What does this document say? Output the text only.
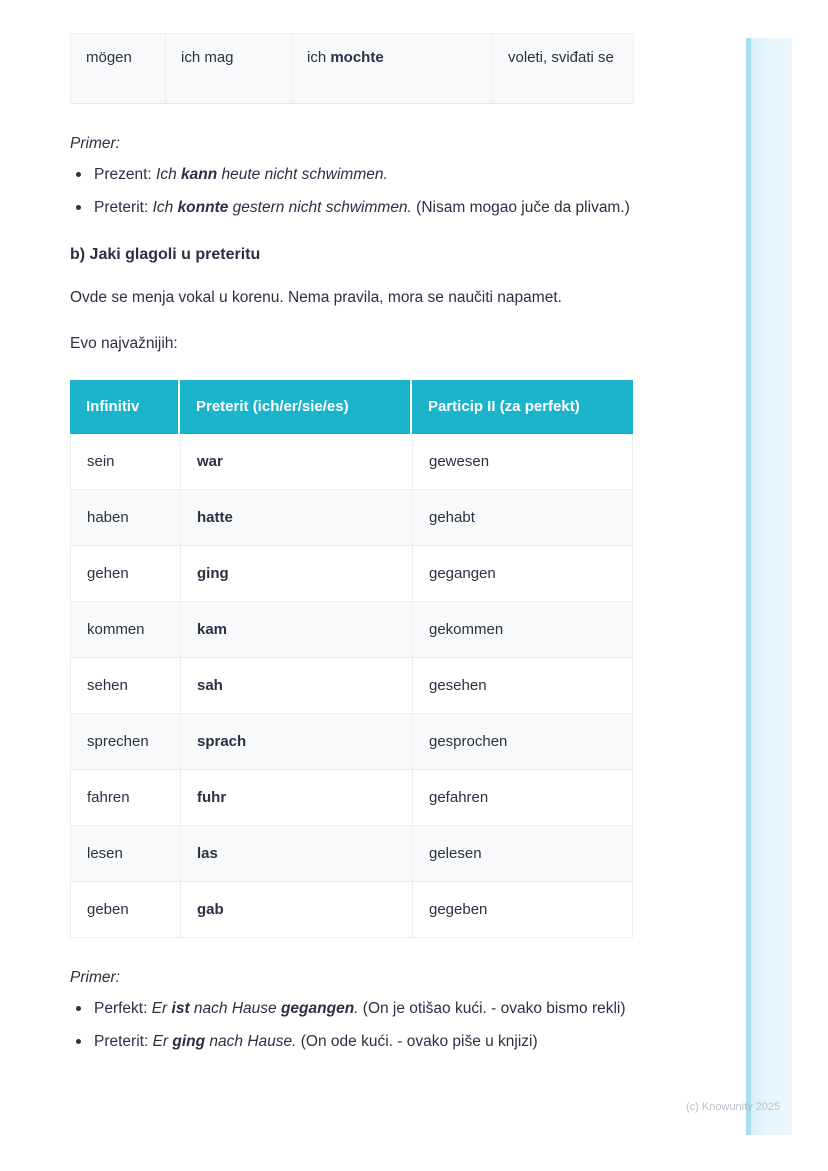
mögen	ich mag	ich mochte	voleti, sviđati se

Primer:

Prezent: Ich kann heute nicht schwimmen.
Preterit: Ich konnte gestern nicht schwimmen. (Nisam mogao juče da plivam.)
b) Jaki glagoli u preteritu

Ovde se menja vokal u korenu. Nema pravila, mora se naučiti napamet.

Evo najvažnijih:

Infinitiv	Preterit (ich/er/sie/es)	Particip II (za perfekt)
sein	war	gewesen
haben	hatte	gehabt
gehen	ging	gegangen
kommen	kam	gekommen
sehen	sah	gesehen
sprechen	sprach	gesprochen
fahren	fuhr	gefahren
lesen	las	gelesen
geben	gab	gegeben

Primer:

Perfekt: Er ist nach Hause gegangen. (On je otišao kući. - ovako bismo rekli)
Preterit: Er ging nach Hause. (On ode kući. - ovako piše u knjizi)
(c) Knowunity 2025
